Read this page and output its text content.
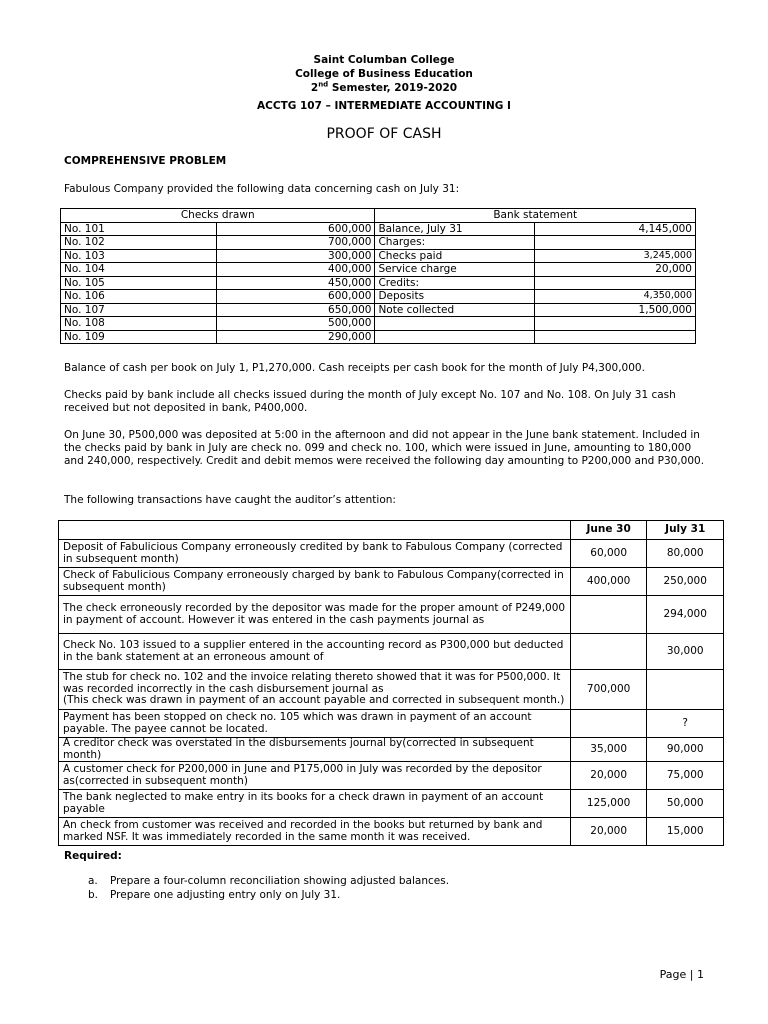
Saint Columban College
College of Business Education
2nd Semester, 2019-2020
ACCTG 107 – INTERMEDIATE ACCOUNTING I
PROOF OF CASH
COMPREHENSIVE PROBLEM
Fabulous Company provided the following data concerning cash on July 31:
Checks drawn		Bank statement	
No. 101	600,000	Balance, July 31	4,145,000
No. 102	700,000	Charges:	
No. 103	300,000	Checks paid	3,245,000
No. 104	400,000	Service charge	20,000
No. 105	450,000	Credits:	
No. 106	600,000	Deposits	4,350,000
No. 107	650,000	Note collected	1,500,000
No. 108	500,000		
No. 109	290,000		

Balance of cash per book on July 1, P1,270,000. Cash receipts per cash book for the month of July P4,300,000.

Checks paid by bank include all checks issued during the month of July except No. 107 and No. 108. On July 31 cash received but not deposited in bank, P400,000.

On June 30, P500,000 was deposited at 5:00 in the afternoon and did not appear in the June bank statement. Included in the checks paid by bank in July are check no. 099 and check no. 100, which were issued in June, amounting to 180,000 and 240,000, respectively. Credit and debit memos were received the following day amounting to P200,000 and P30,000.

The following transactions have caught the auditor’s attention:

	June 30	July 31
Deposit of Fabulicious Company erroneously credited by bank to Fabulous Company (corrected in subsequent month)	60,000	80,000
Check of Fabulicious Company erroneously charged by bank to Fabulous Company(corrected in subsequent month)	400,000	250,000
The check erroneously recorded by the depositor was made for the proper amount of P249,000 in payment of account. However it was entered in the cash payments journal as		294,000
Check No. 103 issued to a supplier entered in the accounting record as P300,000 but deducted in the bank statement at an erroneous amount of		30,000
The stub for check no. 102 and the invoice relating thereto showed that it was for P500,000. It was recorded incorrectly in the cash disbursement journal as
(This check was drawn in payment of an account payable and corrected in subsequent month.)	700,000	
Payment has been stopped on check no. 105 which was drawn in payment of an account payable. The payee cannot be located.		?
A creditor check was overstated in the disbursements journal by(corrected in subsequent month)	35,000	90,000
A customer check for P200,000 in June and P175,000 in July was recorded by the depositor as(corrected in subsequent month)	20,000	75,000
The bank neglected to make entry in its books for a check drawn in payment of an account payable	125,000	50,000
An check from customer was received and recorded in the books but returned by bank and marked NSF. It was immediately recorded in the same month it was received.	20,000	15,000
Required:
a. Prepare a four-column reconciliation showing adjusted balances.
b. Prepare one adjusting entry only on July 31.
Page | 1
